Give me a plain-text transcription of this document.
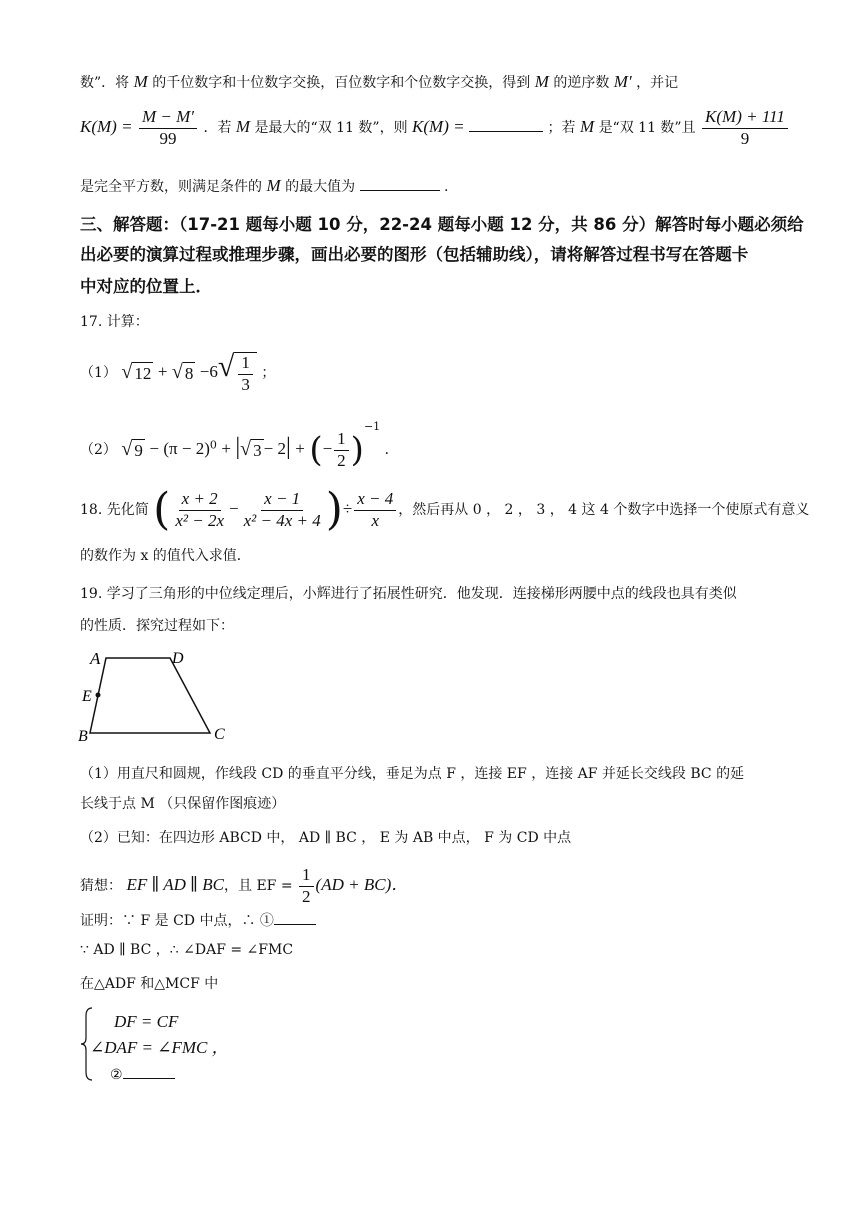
数”．将 M 的千位数字和十位数字交换，百位数字和个位数字交换，得到 M 的逆序数 M′ ，并记
$K(M) = \frac{M - M'}{99}$ ．若 M 是最大的“双 11 数”，则 K(M) =	；若 M 是“双 11 数”且 $\frac{K(M) + 111}{9}$
是完全平方数，则满足条件的 M 的最大值为	.
三、解答题：（17-21 题每小题 10 分，22-24 题每小题 12 分，共 86 分）解答时每小题必须给
出必要的演算过程或推理步骤，画出必要的图形（包括辅助线），请将解答过程书写在答题卡
中对应的位置上．
17. 计算：
（1） √ 12 + √ 8 −6 √ $\frac{1}{3}$ ；
（2） √ $9 - (\pi - 2)^0$ + | √ 3 − 2| + (− $\frac{1}{2} )^{-1}$ ．
18. 先化简 ( $\frac{x + 2}{\text{x² − 2x}} - \frac{x - 1}{\text{x² − 4x + 4}}$ )÷ $\frac{x - 4}{x}$ ，然后再从 0 ， 2 ， 3 ， 4 这 4 个数字中选择一个使原式有意义
的数作为 x 的值代入求值．
19. 学习了三角形的中位线定理后，小辉进行了拓展性研究．他发现．连接梯形两腰中点的线段也具有类似
的性质．探究过程如下：
A	D
E
B	C
（1）用直尺和圆规，作线段 CD 的垂直平分线，垂足为点 F ，连接 EF ，连接 AF 并延长交线段 BC 的延
长线于点 M （只保留作图痕迹）
（2）已知：在四边形 ABCD 中， AD ∥ BC ， E 为 AB 中点， F 为 CD 中点
猜想： EF ∥ AD ∥ BC，且 EF = $\frac{1}{2} (AD + BC)$．
证明：∵ F 是 CD 中点，∴ ①
∵ AD ∥ BC ，∴ ∠DAF = ∠FMC
在△ADF 和△MCF 中
DF = CF
∠DAF = ∠FMC ，
②
